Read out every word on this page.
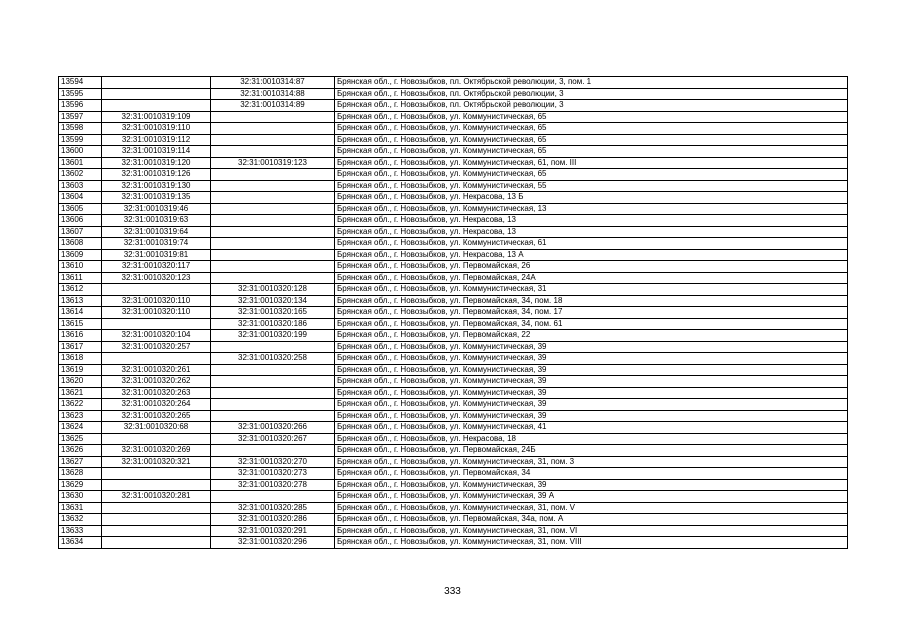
13594		32:31:0010314:87	Брянская обл., г. Новозыбков, пл. Октябрьской революции, 3, пом. 1
13595		32:31:0010314:88	Брянская обл., г. Новозыбков, пл. Октябрьской революции, 3
13596		32:31:0010314:89	Брянская обл., г. Новозыбков, пл. Октябрьской революции, 3
13597	32:31:0010319:109		Брянская обл., г. Новозыбков, ул. Коммунистическая, 65
13598	32:31:0010319:110		Брянская обл., г. Новозыбков, ул. Коммунистическая, 65
13599	32:31:0010319:112		Брянская обл., г. Новозыбков, ул. Коммунистическая, 65
13600	32:31:0010319:114		Брянская обл., г. Новозыбков, ул. Коммунистическая, 65
13601	32:31:0010319:120	32:31:0010319:123	Брянская обл., г. Новозыбков, ул. Коммунистическая, 61, пом. III
13602	32:31:0010319:126		Брянская обл., г. Новозыбков, ул. Коммунистическая, 65
13603	32:31:0010319:130		Брянская обл., г. Новозыбков, ул. Коммунистическая, 55
13604	32:31:0010319:135		Брянская обл., г. Новозыбков, ул. Некрасова, 13 Б
13605	32:31:0010319:46		Брянская обл., г. Новозыбков, ул. Коммунистическая, 13
13606	32:31:0010319:63		Брянская обл., г. Новозыбков, ул. Некрасова, 13
13607	32:31:0010319:64		Брянская обл., г. Новозыбков, ул. Некрасова, 13
13608	32:31:0010319:74		Брянская обл., г. Новозыбков, ул. Коммунистическая, 61
13609	32:31:0010319:81		Брянская обл., г. Новозыбков, ул. Некрасова, 13 А
13610	32:31:0010320:117		Брянская обл., г. Новозыбков, ул. Первомайская, 26
13611	32:31:0010320:123		Брянская обл., г. Новозыбков, ул. Первомайская, 24А
13612		32:31:0010320:128	Брянская обл., г. Новозыбков, ул. Коммунистическая, 31
13613	32:31:0010320:110	32:31:0010320:134	Брянская обл., г. Новозыбков, ул. Первомайская, 34, пом. 18
13614	32:31:0010320:110	32:31:0010320:165	Брянская обл., г. Новозыбков, ул. Первомайская, 34, пом. 17
13615		32:31:0010320:186	Брянская обл., г. Новозыбков, ул. Первомайская, 34, пом. 61
13616	32:31:0010320:104	32:31:0010320:199	Брянская обл., г. Новозыбков, ул. Первомайская, 22
13617	32:31:0010320:257		Брянская обл., г. Новозыбков, ул. Коммунистическая, 39
13618		32:31:0010320:258	Брянская обл., г. Новозыбков, ул. Коммунистическая, 39
13619	32:31:0010320:261		Брянская обл., г. Новозыбков, ул. Коммунистическая, 39
13620	32:31:0010320:262		Брянская обл., г. Новозыбков, ул. Коммунистическая, 39
13621	32:31:0010320:263		Брянская обл., г. Новозыбков, ул. Коммунистическая, 39
13622	32:31:0010320:264		Брянская обл., г. Новозыбков, ул. Коммунистическая, 39
13623	32:31:0010320:265		Брянская обл., г. Новозыбков, ул. Коммунистическая, 39
13624	32:31:0010320:68	32:31:0010320:266	Брянская обл., г. Новозыбков, ул. Коммунистическая, 41
13625		32:31:0010320:267	Брянская обл., г. Новозыбков, ул. Некрасова, 18
13626	32:31:0010320:269		Брянская обл., г. Новозыбков, ул. Первомайская, 24Б
13627	32:31:0010320:321	32:31:0010320:270	Брянская обл., г. Новозыбков, ул. Коммунистическая, 31, пом. 3
13628		32:31:0010320:273	Брянская обл., г. Новозыбков, ул. Первомайская, 34
13629		32:31:0010320:278	Брянская обл., г. Новозыбков, ул. Коммунистическая, 39
13630	32:31:0010320:281		Брянская обл., г. Новозыбков, ул. Коммунистическая, 39 А
13631		32:31:0010320:285	Брянская обл., г. Новозыбков, ул. Коммунистическая, 31, пом. V
13632		32:31:0010320:286	Брянская обл., г. Новозыбков, ул. Первомайская, 34а, пом. А
13633		32:31:0010320:291	Брянская обл., г. Новозыбков, ул. Коммунистическая, 31, пом. VI
13634		32:31:0010320:296	Брянская обл., г. Новозыбков, ул. Коммунистическая, 31, пом. VIII
333
